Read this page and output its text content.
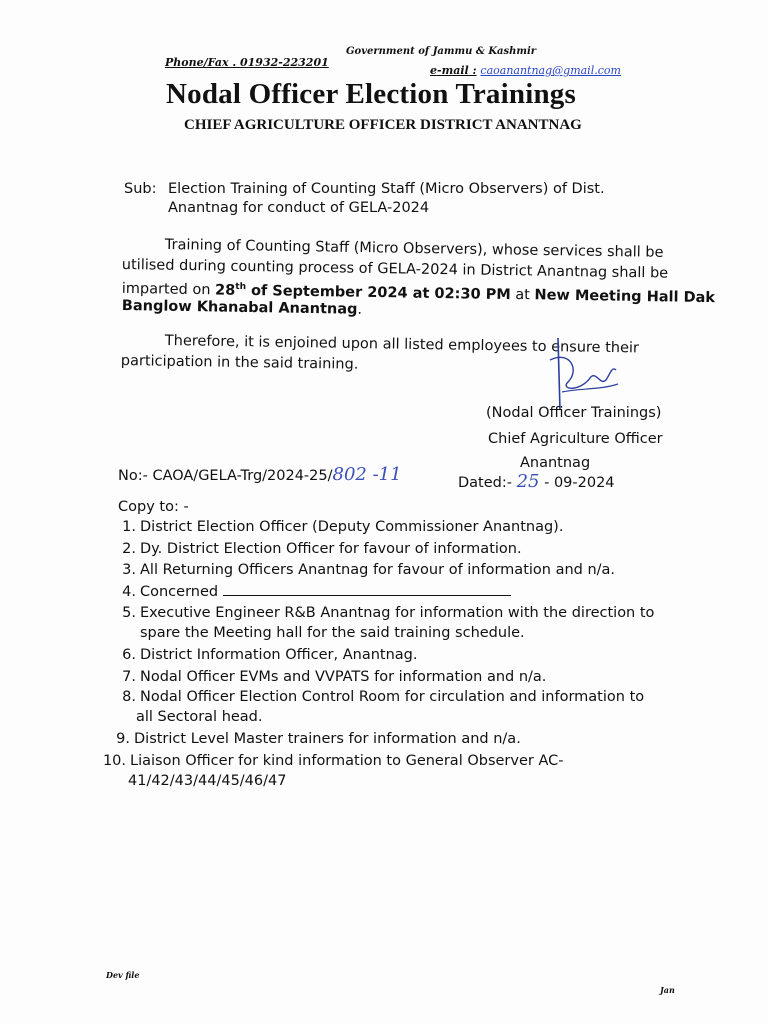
Government of Jammu & Kashmir
Phone/Fax . 01932-223201
e-mail : caoanantnag@gmail.com
Nodal Officer Election Trainings
CHIEF AGRICULTURE OFFICER DISTRICT ANANTNAG
Sub: Election Training of Counting Staff (Micro Observers) of Dist.
Anantnag for conduct of GELA-2024
Training of Counting Staff (Micro Observers), whose services shall be
utilised during counting process of GELA-2024 in District Anantnag shall be
imparted on 28th of September 2024 at 02:30 PM at New Meeting Hall Dak
Banglow Khanabal Anantnag.
Therefore, it is enjoined upon all listed employees to ensure their
participation in the said training.
(Nodal Officer Trainings)
Chief Agriculture Officer
Anantnag
No:- CAOA/GELA-Trg/2024-25/802 -11	Dated:- 25 - 09-2024
Copy to: -
1. District Election Officer (Deputy Commissioner Anantnag).
2. Dy. District Election Officer for favour of information.
3. All Returning Officers Anantnag for favour of information and n/a.
4. Concerned
5. Executive Engineer R&B Anantnag for information with the direction to
spare the Meeting hall for the said training schedule.
6. District Information Officer, Anantnag.
7. Nodal Officer EVMs and VVPATS for information and n/a.
8. Nodal Officer Election Control Room for circulation and information to
all Sectoral head.
9. District Level Master trainers for information and n/a.
10. Liaison Officer for kind information to General Observer AC-
41/42/43/44/45/46/47
Dev file
Jan
